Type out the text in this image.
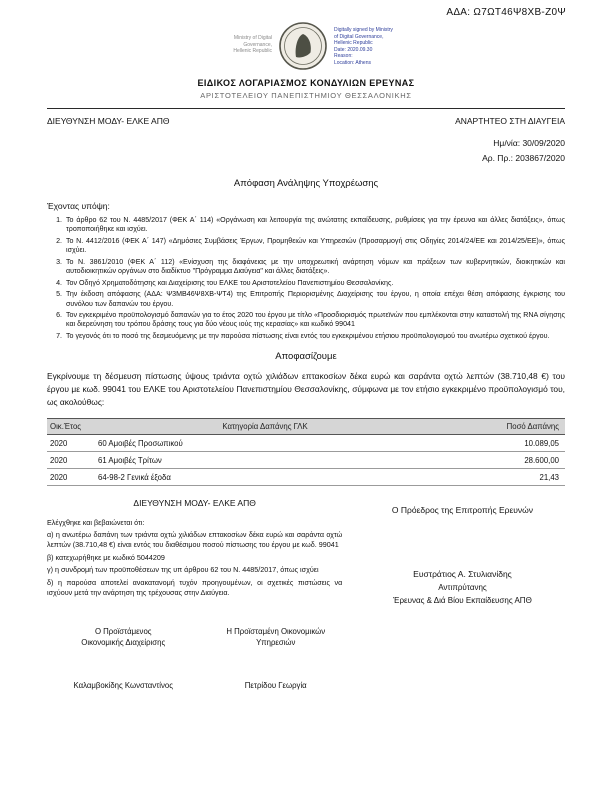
ΑΔΑ: Ω7ΩΤ46Ψ8ΧΒ-Ζ0Ψ
Ministry of Digital
Governance,
Hellenic Republic
Digitally signed by Ministry
of Digital Governance,
Hellenic Republic
Date: 2020.09.30
Reason:
Location: Athens
ΕΙΔΙΚΟΣ ΛΟΓΑΡΙΑΣΜΟΣ ΚΟΝΔΥΛΙΩΝ ΕΡΕΥΝΑΣ
ΑΡΙΣΤΟΤΕΛΕΙΟΥ ΠΑΝΕΠΙΣΤΗΜΙΟΥ ΘΕΣΣΑΛΟΝΙΚΗΣ
ΔΙΕΥΘΥΝΣΗ ΜΟΔΥ- ΕΛΚΕ ΑΠΘ	ΑΝΑΡΤΗΤΕΟ ΣΤΗ ΔΙΑΥΓΕΙΑ
Ημ/νία: 30/09/2020
Αρ. Πρ.: 203867/2020
Απόφαση Ανάληψης Υποχρέωσης
Έχοντας υπόψη:
1. Το άρθρο 62 του Ν. 4485/2017 (ΦΕΚ Α΄ 114) «Οργάνωση και λειτουργία της ανώτατης εκπαίδευσης, ρυθμίσεις για την έρευνα και άλλες διατάξεις», όπως τροποποιήθηκε και ισχύει.
2. Το Ν. 4412/2016 (ΦΕΚ Α΄ 147) «Δημόσιες Συμβάσεις Έργων, Προμηθειών και Υπηρεσιών (Προσαρμογή στις Οδηγίες 2014/24/ΕΕ και 2014/25/ΕΕ)», όπως ισχύει.
3. Το Ν. 3861/2010 (ΦΕΚ Α΄ 112) «Ενίσχυση της διαφάνειας με την υποχρεωτική ανάρτηση νόμων και πράξεων των κυβερνητικών, διοικητικών και αυτοδιοικητικών οργάνων στο διαδίκτυο "Πρόγραμμα Διαύγεια" και άλλες διατάξεις».
4. Τον Οδηγό Χρηματοδότησης και Διαχείρισης του ΕΛΚΕ του Αριστοτελείου Πανεπιστημίου Θεσσαλονίκης.
5. Την έκδοση απόφασης (ΑΔΑ: Ψ3ΜΒ46Ψ8ΧΒ-ΨΤ4) της Επιτροπής Περιορισμένης Διαχείρισης του έργου, η οποία επέχει θέση απόφασης έγκρισης του συνόλου των δαπανών του έργου.
6. Τον εγκεκριμένο προϋπολογισμό δαπανών για το έτος 2020 του έργου με τίτλο «Προσδιορισμός πρωτεϊνών που εμπλέκονται στην καταστολή της RNA σίγησης και διερεύνηση του τρόπου δράσης τους για δύο νέους ιούς της κερασίας» και κωδικό 99041
7. Το γεγονός ότι το ποσό της δεσμευόμενης με την παρούσα πίστωσης είναι εντός του εγκεκριμένου ετήσιου προϋπολογισμού του ανωτέρω σχετικού έργου.
Αποφασίζουμε
Εγκρίνουμε τη δέσμευση πίστωσης ύψους τριάντα οχτώ χιλιάδων επτακοσίων δέκα ευρώ και σαράντα οχτώ λεπτών (38.710,48 €) του έργου με κωδ. 99041 του ΕΛΚΕ του Αριστοτελείου Πανεπιστημίου Θεσσαλονίκης, σύμφωνα με τον ετήσιο εγκεκριμένο προϋπολογισμό του, ως ακολούθως:
Οικ.Έτος	Κατηγορία Δαπάνης ΓΛΚ	Ποσό Δαπάνης
2020	60 Αμοιβές Προσωπικού	10.089,05
2020	61 Αμοιβές Τρίτων	28.600,00
2020	64-98-2 Γενικά έξοδα	21,43
ΔΙΕΥΘΥΝΣΗ ΜΟΔΥ- ΕΛΚΕ ΑΠΘ
Ελέγχθηκε και βεβαιώνεται ότι:
α) η ανωτέρω δαπάνη των τριάντα οχτώ χιλιάδων επτακοσίων δέκα ευρώ και σαράντα οχτώ λεπτών (38.710,48 €) είναι εντός του διαθέσιμου ποσού πίστωσης του έργου με κωδ. 99041
β) κατεχωρήθηκε με κωδικό 5044209
γ) η συνδρομή των προϋποθέσεων της υπ άρθρου 62 του Ν. 4485/2017, όπως ισχύει
δ) η παρούσα αποτελεί ανακατανομή τυχόν προηγουμένων, οι σχετικές πιστώσεις να ισχύουν μετά την ανάρτηση της τρέχουσας στην Διαύγεια.
Ο Πρόεδρος της Επιτροπής Ερευνών
Ευστράτιος Α. Στυλιανίδης
Αντιπρύτανης
Έρευνας & Διά Βίου Εκπαίδευσης ΑΠΘ
Ο Προϊστάμενος
Οικονομικής Διαχείρισης
Καλαμβοκίδης Κωνσταντίνος
Η Προϊσταμένη Οικονομικών
Υπηρεσιών
Πετρίδου Γεωργία
